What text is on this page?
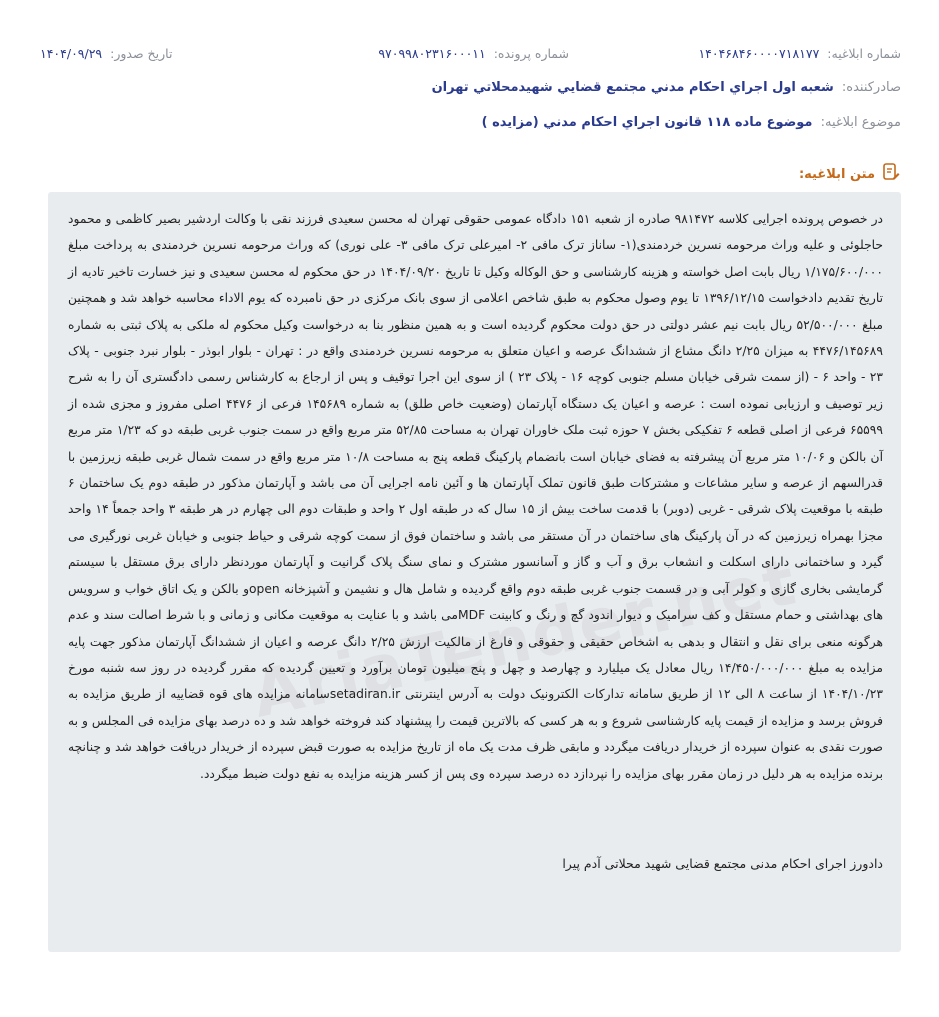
شماره ابلاغیه: ۱۴۰۴۶۸۴۶۰۰۰۰۷۱۸۱۷۷
شماره پرونده: ۹۷۰۹۹۸۰۲۳۱۶۰۰۰۱۱
تاریخ صدور: ۱۴۰۴/۰۹/۲۹
صادرکننده: شعبه اول اجراي احكام مدني مجتمع قضايي شهيدمحلاتي تهران
موضوع ابلاغیه: موضوع ماده ۱۱۸ قانون اجراي احكام مدني (مزايده )
متن ابلاغیه:
در خصوص پرونده اجرایی کلاسه ۹۸۱۴۷۲ صادره از شعبه ۱۵۱ دادگاه عمومی حقوقی تهران له محسن سعیدی فرزند نقی با وکالت اردشیر بصیر کاظمی و محمود حاجلوئی و علیه وراث مرحومه نسرین خردمندی(۱- ساناز ترک مافی ۲- امیرعلی ترک مافی ۳- علی نوری) که وراث مرحومه نسرین خردمندی به پرداخت مبلغ ۱/۱۷۵/۶۰۰/۰۰۰ ریال بابت اصل خواسته و هزینه کارشناسی و حق الوکاله وکیل تا تاریخ ۱۴۰۴/۰۹/۲۰ در حق محکوم له محسن سعیدی و نیز خسارت تاخیر تادیه از تاریخ تقدیم دادخواست ۱۳۹۶/۱۲/۱۵ تا یوم وصول محکوم به طبق شاخص اعلامی از سوی بانک مرکزی در حق نامبرده که یوم الاداء محاسبه خواهد شد و همچنین مبلغ ۵۲/۵۰۰/۰۰۰ ریال بابت نیم عشر دولتی در حق دولت محکوم گردیده است و به همین منظور بنا به درخواست وکیل محکوم له ملکی به پلاک ثبتی به شماره ۴۴۷۶/۱۴۵۶۸۹ به میزان ۲/۲۵ دانگ مشاع از ششدانگ عرصه و اعیان متعلق به مرحومه نسرین خردمندی واقع در : تهران - بلوار ابوذر - بلوار نبرد جنوبی - پلاک ۲۳ - واحد ۶ - (از سمت شرقی خیابان مسلم جنوبی کوچه ۱۶ - پلاک ۲۳ ) از سوی این اجرا توقیف و پس از ارجاع به کارشناس رسمی دادگستری آن را به شرح زیر توصیف و ارزیابی نموده است : عرصه و اعیان یک دستگاه آپارتمان (وضعیت خاص طلق) به شماره ۱۴۵۶۸۹ فرعی از ۴۴۷۶ اصلی مفروز و مجزی شده از ۶۵۵۹۹ فرعی از اصلی قطعه ۶ تفکیکی بخش ۷ حوزه ثبت ملک خاوران تهران به مساحت ۵۲/۸۵ متر مربع واقع در سمت جنوب غربی طبقه دو که ۱/۲۳ متر مربع آن بالکن و ۱۰/۰۶ متر مربع آن پیشرفته به فضای خیابان است بانضمام پارکینگ قطعه پنج به مساحت ۱۰/۸ متر مربع واقع در سمت شمال غربی طبقه زیرزمین با قدرالسهم از عرصه و سایر مشاعات و مشترکات طبق قانون تملک آپارتمان ها و آئین نامه اجرایی آن می باشد و آپارتمان مذکور در طبقه دوم یک ساختمان ۶ طبقه با موقعیت پلاک شرقی - غربی (دوبر) با قدمت ساخت بیش از ۱۵ سال که در طبقه اول ۲ واحد و طبقات دوم الی چهارم در هر طبقه ۳ واحد جمعاً ۱۴ واحد مجزا بهمراه زیرزمین که در آن پارکینگ های ساختمان در آن مستقر می باشد و ساختمان فوق از سمت کوچه شرقی و حیاط جنوبی و خیابان غربی نورگیری می گیرد و ساختمانی دارای اسکلت و انشعاب برق و آب و گاز و آسانسور مشترک و نمای سنگ پلاک گرانیت و آپارتمان موردنظر دارای برق مستقل با سیستم گرمایشی بخاری گازی و کولر آبی و در قسمت جنوب غربی طبقه دوم واقع گردیده و شامل هال و نشیمن و آشپزخانه openو بالکن و یک اتاق خواب و سرویس های بهداشتی و حمام مستقل و کف سرامیک و دیوار اندود گچ و رنگ و کابینت MDFمی باشد و با عنایت به موقعیت مکانی و زمانی و با شرط اصالت سند و عدم هرگونه منعی برای نقل و انتقال و بدهی به اشخاص حقیقی و حقوقی و فارغ از مالکیت ارزش ۲/۲۵ دانگ عرصه و اعیان از ششدانگ آپارتمان مذکور جهت پایه مزایده به مبلغ ۱۴/۴۵۰/۰۰۰/۰۰۰ ریال معادل یک میلیارد و چهارصد و چهل و پنج میلیون تومان برآورد و تعیین گردیده که مقرر گردیده در روز سه شنبه مورخ ۱۴۰۴/۱۰/۲۳ از ساعت ۸ الی ۱۲ از طریق سامانه تدارکات الکترونیک دولت به آدرس اینترنتی setadiran.irسامانه مزایده های قوه قضاییه از طریق مزایده به فروش برسد و مزایده از قیمت پایه کارشناسی شروع و به هر کسی که بالاترین قیمت را پیشنهاد کند فروخته خواهد شد و ده درصد بهای مزایده فی المجلس و به صورت نقدی به عنوان سپرده از خریدار دریافت میگردد و مابقی ظرف مدت یک ماه از تاریخ مزایده به صورت قبض سپرده از خریدار دریافت خواهد شد و چنانچه برنده مزایده به هر دلیل در زمان مقرر بهای مزایده را نپردازد ده درصد سپرده وی پس از کسر هزینه مزایده به نفع دولت ضبط میگردد.
دادورز اجرای احکام مدنی مجتمع قضایی شهید محلاتی آدم پیرا
